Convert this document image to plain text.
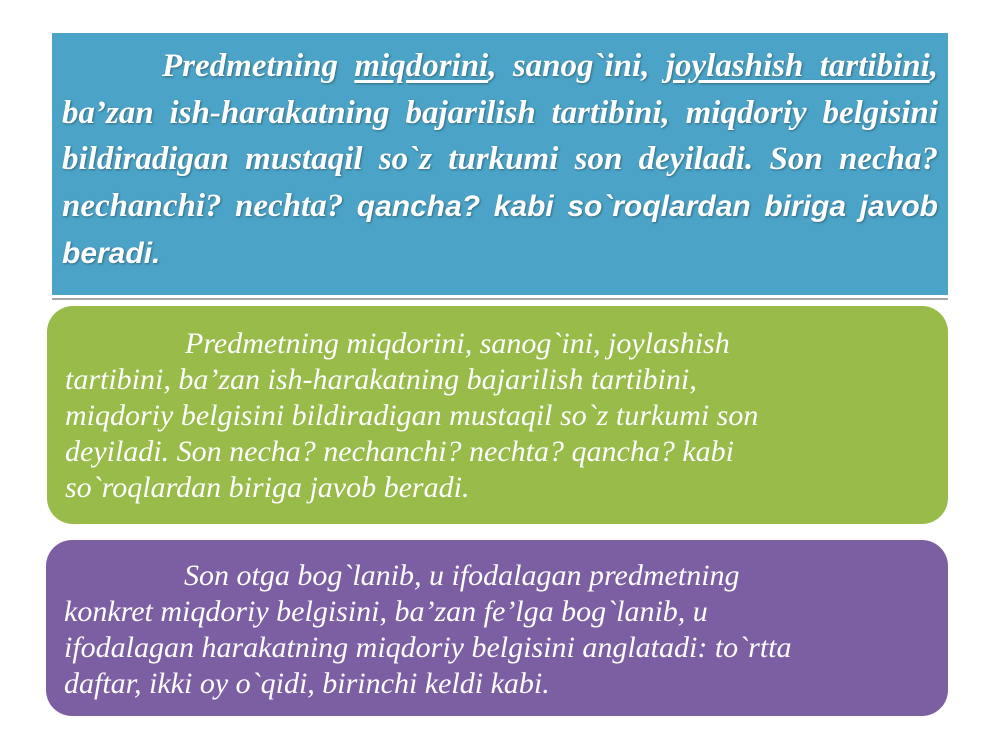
Predmetning miqdorini, sanog`ini, joylashish tartibini, ba’zan ish-harakatning bajarilish tartibini, miqdoriy belgisini bildiradigan mustaqil so`z turkumi son deyiladi. Son necha? nechanchi? nechta? qancha? kabi so`roqlardan biriga javob beradi.

Predmetning miqdorini, sanog`ini, joylashish
tartibini, ba’zan ish-harakatning bajarilish tartibini,
miqdoriy belgisini bildiradigan mustaqil so`z turkumi son
deyiladi. Son necha? nechanchi? nechta? qancha? kabi
so`roqlardan biriga javob beradi.

Son otga bog`lanib, u ifodalagan predmetning
konkret miqdoriy belgisini, ba’zan fe’lga bog`lanib, u
ifodalagan harakatning miqdoriy belgisini anglatadi: to`rtta
daftar, ikki oy o`qidi, birinchi keldi kabi.
